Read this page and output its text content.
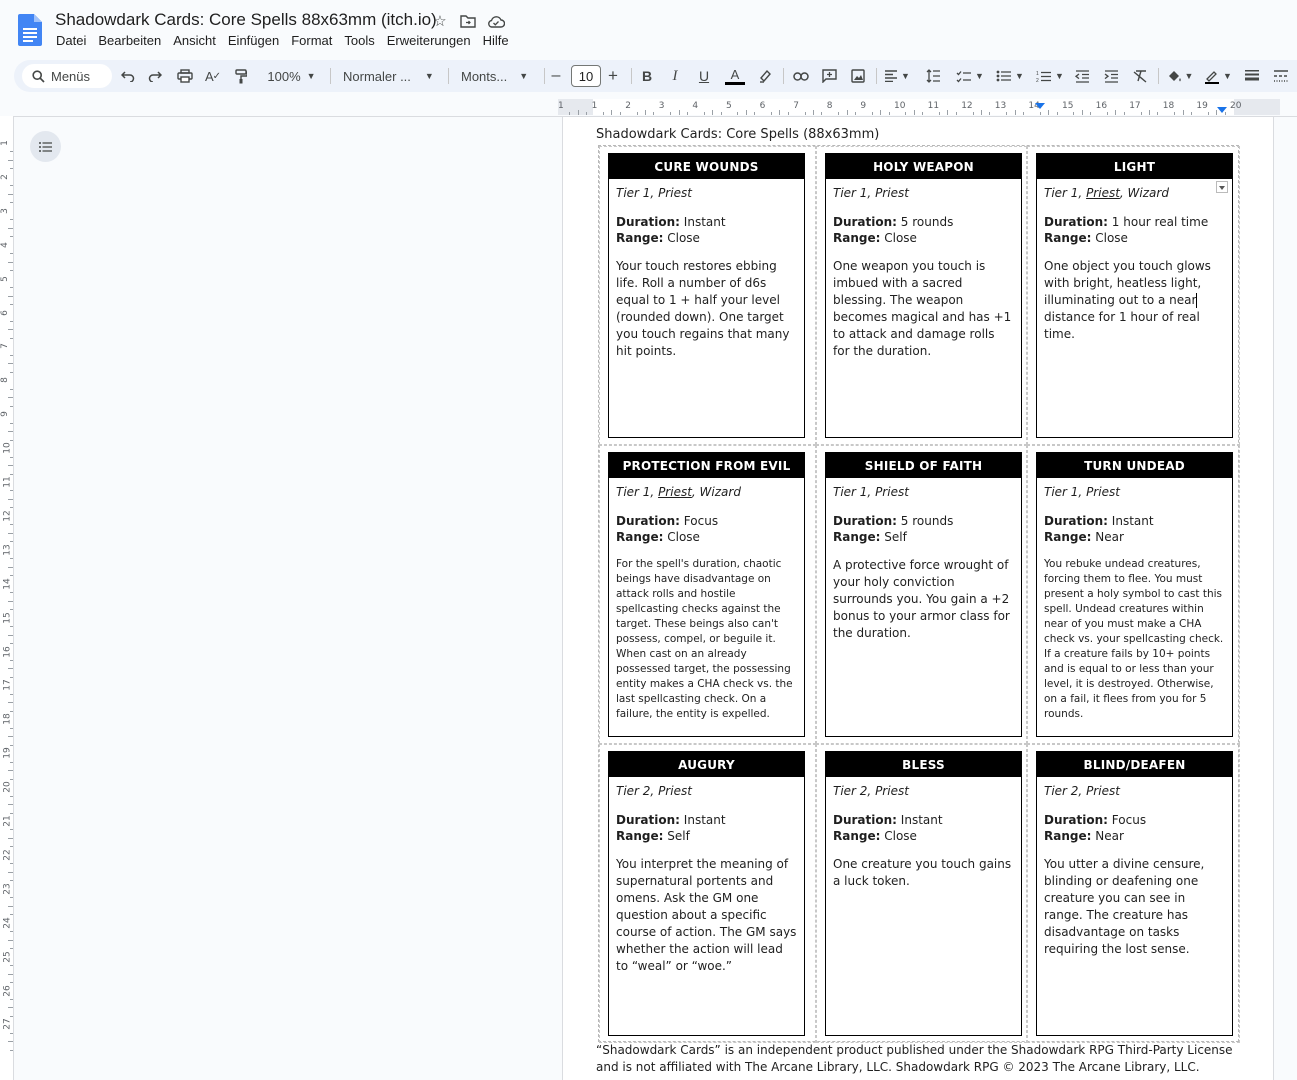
Shadowdark Cards: Core Spells 88x63mm (itch.io)
☆
Datei Bearbeiten Ansicht Einfügen Format Tools Erweiterungen Hilfe
Menüs	A ✓	100% ▼ Normaler ... ▼ Monts... ▼ –	10 + B	I	U	A	▼	▼	▼ 1
2 ▼	▼	▼
1	1	2	3	4	5	6	7	8	9	10 11 12 13 14 15 16 17 18 19 20
1
2
3
4
5
6
7
8
9
10
11
12
13
14
15
16
17
18
19
20
21
22
23
24
25
26
27
Shadowdark Cards: Core Spells (88x63mm)
CURE WOUNDS
Tier 1, Priest
Duration: Instant
Range: Close
Your touch restores ebbing life. Roll a number of d6s equal to 1 + half your level (rounded down). One target you touch regains that many hit points.
HOLY WEAPON
Tier 1, Priest
Duration: 5 rounds
Range: Close
One weapon you touch is imbued with a sacred blessing. The weapon becomes magical and has +1 to attack and damage rolls for the duration.
LIGHT
Tier 1, Priest, Wizard
Duration: 1 hour real time
Range: Close
One object you touch glows with bright, heatless light, illuminating out to a near distance for 1 hour of real time.
PROTECTION FROM EVIL
Tier 1, Priest, Wizard
Duration: Focus
Range: Close
For the spell's duration, chaotic beings have disadvantage on attack rolls and hostile spellcasting checks against the target. These beings also can't possess, compel, or beguile it. When cast on an already possessed target, the possessing entity makes a CHA check vs. the last spellcasting check. On a failure, the entity is expelled.
SHIELD OF FAITH
Tier 1, Priest
Duration: 5 rounds
Range: Self
A protective force wrought of your holy conviction surrounds you. You gain a +2 bonus to your armor class for the duration.
TURN UNDEAD
Tier 1, Priest
Duration: Instant
Range: Near
You rebuke undead creatures, forcing them to flee. You must present a holy symbol to cast this spell. Undead creatures within near of you must make a CHA check vs. your spellcasting check. If a creature fails by 10+ points and is equal to or less than your level, it is destroyed. Otherwise, on a fail, it flees from you for 5 rounds.
AUGURY
Tier 2, Priest
Duration: Instant
Range: Self
You interpret the meaning of supernatural portents and omens. Ask the GM one question about a specific course of action. The GM says whether the action will lead to “weal” or “woe.”
BLESS
Tier 2, Priest
Duration: Instant
Range: Close
One creature you touch gains a luck token.
BLIND/DEAFEN
Tier 2, Priest
Duration: Focus
Range: Near
You utter a divine censure, blinding or deafening one creature you can see in range. The creature has disadvantage on tasks requiring the lost sense.
“Shadowdark Cards” is an independent product published under the Shadowdark RPG Third-Party License and is not affiliated with The Arcane Library, LLC. Shadowdark RPG © 2023 The Arcane Library, LLC.
